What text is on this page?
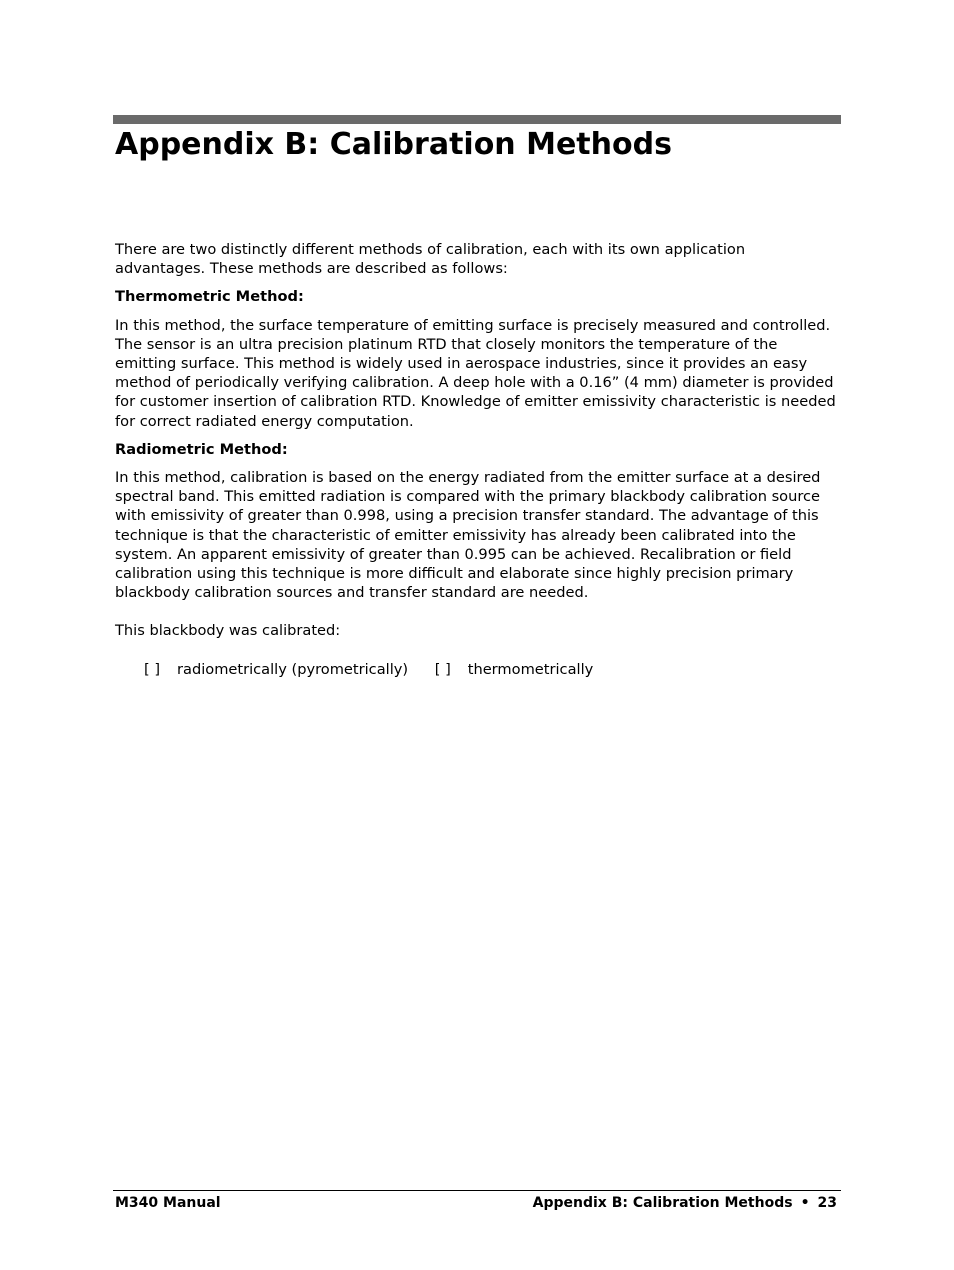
Appendix B: Calibration Methods

There are two distinctly different methods of calibration, each with its own application advantages. These methods are described as follows:

Thermometric Method:

In this method, the surface temperature of emitting surface is precisely measured and controlled. The sensor is an ultra precision platinum RTD that closely monitors the temperature of the emitting surface. This method is widely used in aerospace industries, since it provides an easy method of periodically verifying calibration. A deep hole with a 0.16” (4 mm) diameter is provided for customer insertion of calibration RTD. Knowledge of emitter emissivity characteristic is needed for correct radiated energy computation.

Radiometric Method:

In this method, calibration is based on the energy radiated from the emitter surface at a desired spectral band. This emitted radiation is compared with the primary blackbody calibration source with emissivity of greater than 0.998, using a precision transfer standard. The advantage of this technique is that the characteristic of emitter emissivity has already been calibrated into the system. An apparent emissivity of greater than 0.995 can be achieved. Recalibration or field calibration using this technique is more difficult and elaborate since highly precision primary blackbody calibration sources and transfer standard are needed.

This blackbody was calibrated:

[ ] radiometrically (pyrometrically) [ ] thermometrically
M340 Manual	Appendix B: Calibration Methods • 23
